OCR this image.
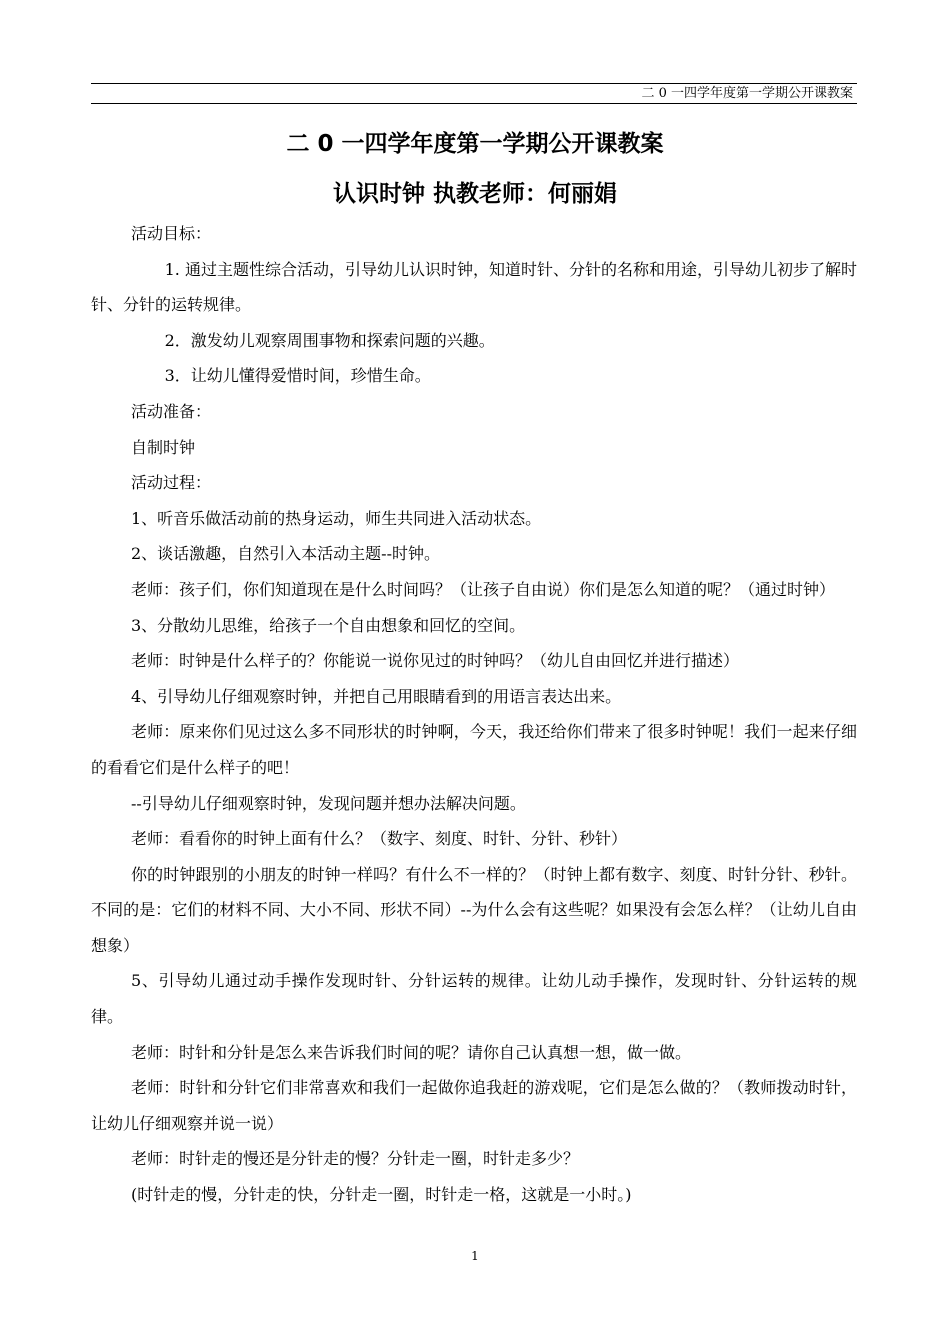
二 0 一四学年度第一学期公开课教案
二 0 一四学年度第一学期公开课教案
认识时钟 执教老师：何丽娟

活动目标：

1. 通过主题性综合活动，引导幼儿认识时钟，知道时针、分针的名称和用途，引导幼儿初步了解时针、分针的运转规律。

2．激发幼儿观察周围事物和探索问题的兴趣。

3．让幼儿懂得爱惜时间，珍惜生命。

活动准备：

自制时钟

活动过程：

1、听音乐做活动前的热身运动，师生共同进入活动状态。

2、谈话激趣，自然引入本活动主题--时钟。

老师：孩子们，你们知道现在是什么时间吗？（让孩子自由说）你们是怎么知道的呢？（通过时钟）

3、分散幼儿思维，给孩子一个自由想象和回忆的空间。

老师：时钟是什么样子的？你能说一说你见过的时钟吗？（幼儿自由回忆并进行描述）

4、引导幼儿仔细观察时钟，并把自己用眼睛看到的用语言表达出来。

老师：原来你们见过这么多不同形状的时钟啊，今天，我还给你们带来了很多时钟呢！我们一起来仔细的看看它们是什么样子的吧！

--引导幼儿仔细观察时钟，发现问题并想办法解决问题。

老师：看看你的时钟上面有什么？（数字、刻度、时针、分针、秒针）

你的时钟跟别的小朋友的时钟一样吗？有什么不一样的？（时钟上都有数字、刻度、时针分针、秒针。不同的是：它们的材料不同、大小不同、形状不同）--为什么会有这些呢？如果没有会怎么样？（让幼儿自由想象）

5、引导幼儿通过动手操作发现时针、分针运转的规律。让幼儿动手操作，发现时针、分针运转的规律。

老师：时针和分针是怎么来告诉我们时间的呢？请你自己认真想一想，做一做。

老师：时针和分针它们非常喜欢和我们一起做你追我赶的游戏呢，它们是怎么做的？（教师拨动时针，让幼儿仔细观察并说一说）

老师：时针走的慢还是分针走的慢？分针走一圈，时针走多少？

(时针走的慢，分针走的快，分针走一圈，时针走一格，这就是一小时。)

1
